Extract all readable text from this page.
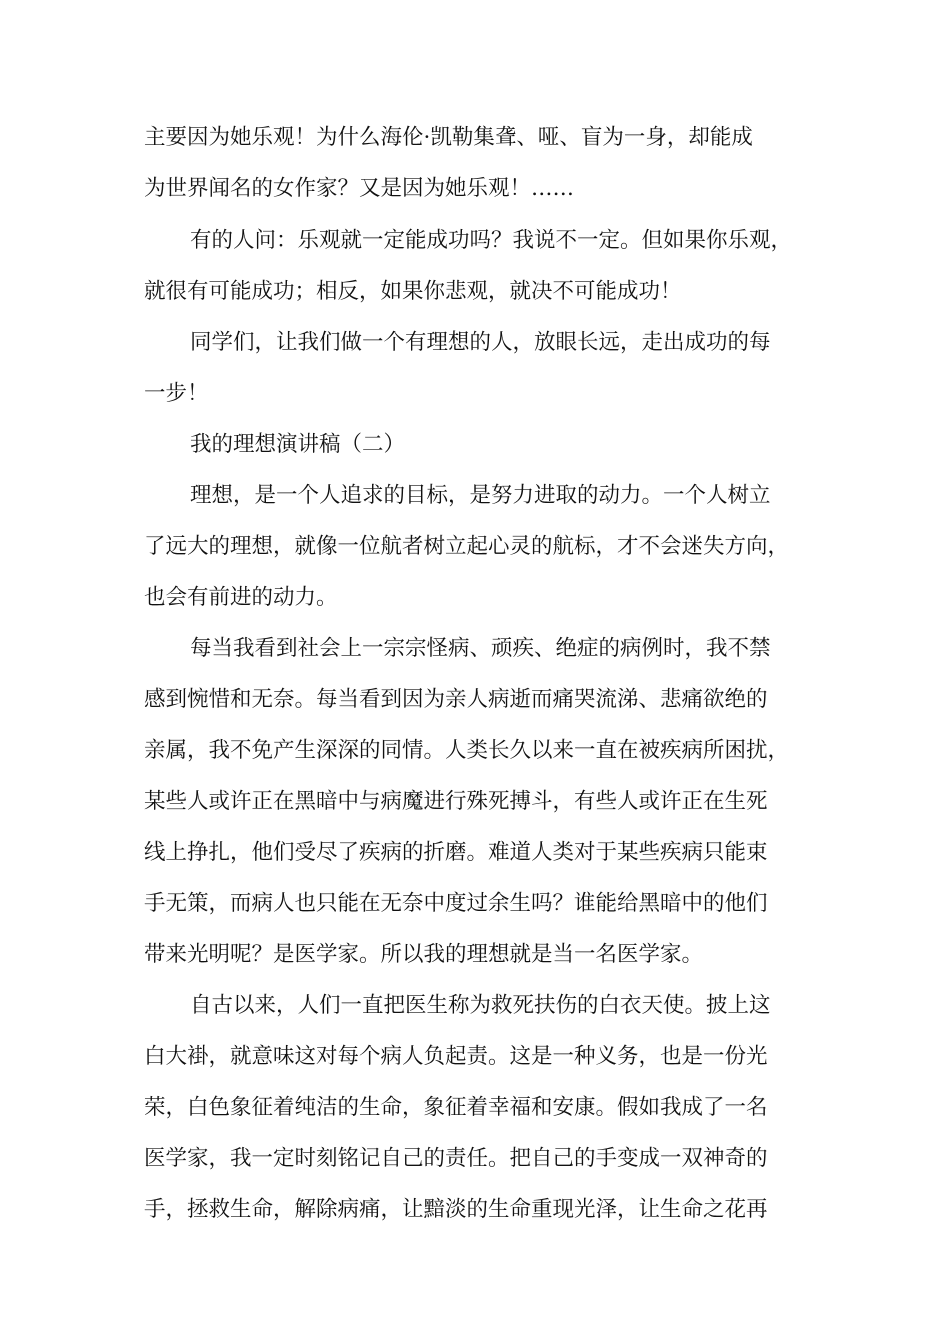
主要因为她乐观！为什么海伦·凯勒集聋、哑、盲为一身，却能成
为世界闻名的女作家？又是因为她乐观！……
有的人问：乐观就一定能成功吗？我说不一定。但如果你乐观，
就很有可能成功；相反，如果你悲观，就决不可能成功！
同学们，让我们做一个有理想的人，放眼长远，走出成功的每
一步！
我的理想演讲稿（二）
理想，是一个人追求的目标，是努力进取的动力。一个人树立
了远大的理想，就像一位航者树立起心灵的航标，才不会迷失方向，
也会有前进的动力。
每当我看到社会上一宗宗怪病、顽疾、绝症的病例时，我不禁
感到惋惜和无奈。每当看到因为亲人病逝而痛哭流涕、悲痛欲绝的
亲属，我不免产生深深的同情。人类长久以来一直在被疾病所困扰，
某些人或许正在黑暗中与病魔进行殊死搏斗，有些人或许正在生死
线上挣扎，他们受尽了疾病的折磨。难道人类对于某些疾病只能束
手无策，而病人也只能在无奈中度过余生吗？谁能给黑暗中的他们
带来光明呢？是医学家。所以我的理想就是当一名医学家。
自古以来，人们一直把医生称为救死扶伤的白衣天使。披上这
白大褂，就意味这对每个病人负起责。这是一种义务，也是一份光
荣，白色象征着纯洁的生命，象征着幸福和安康。假如我成了一名
医学家，我一定时刻铭记自己的责任。把自己的手变成一双神奇的
手，拯救生命，解除病痛，让黯淡的生命重现光泽，让生命之花再
